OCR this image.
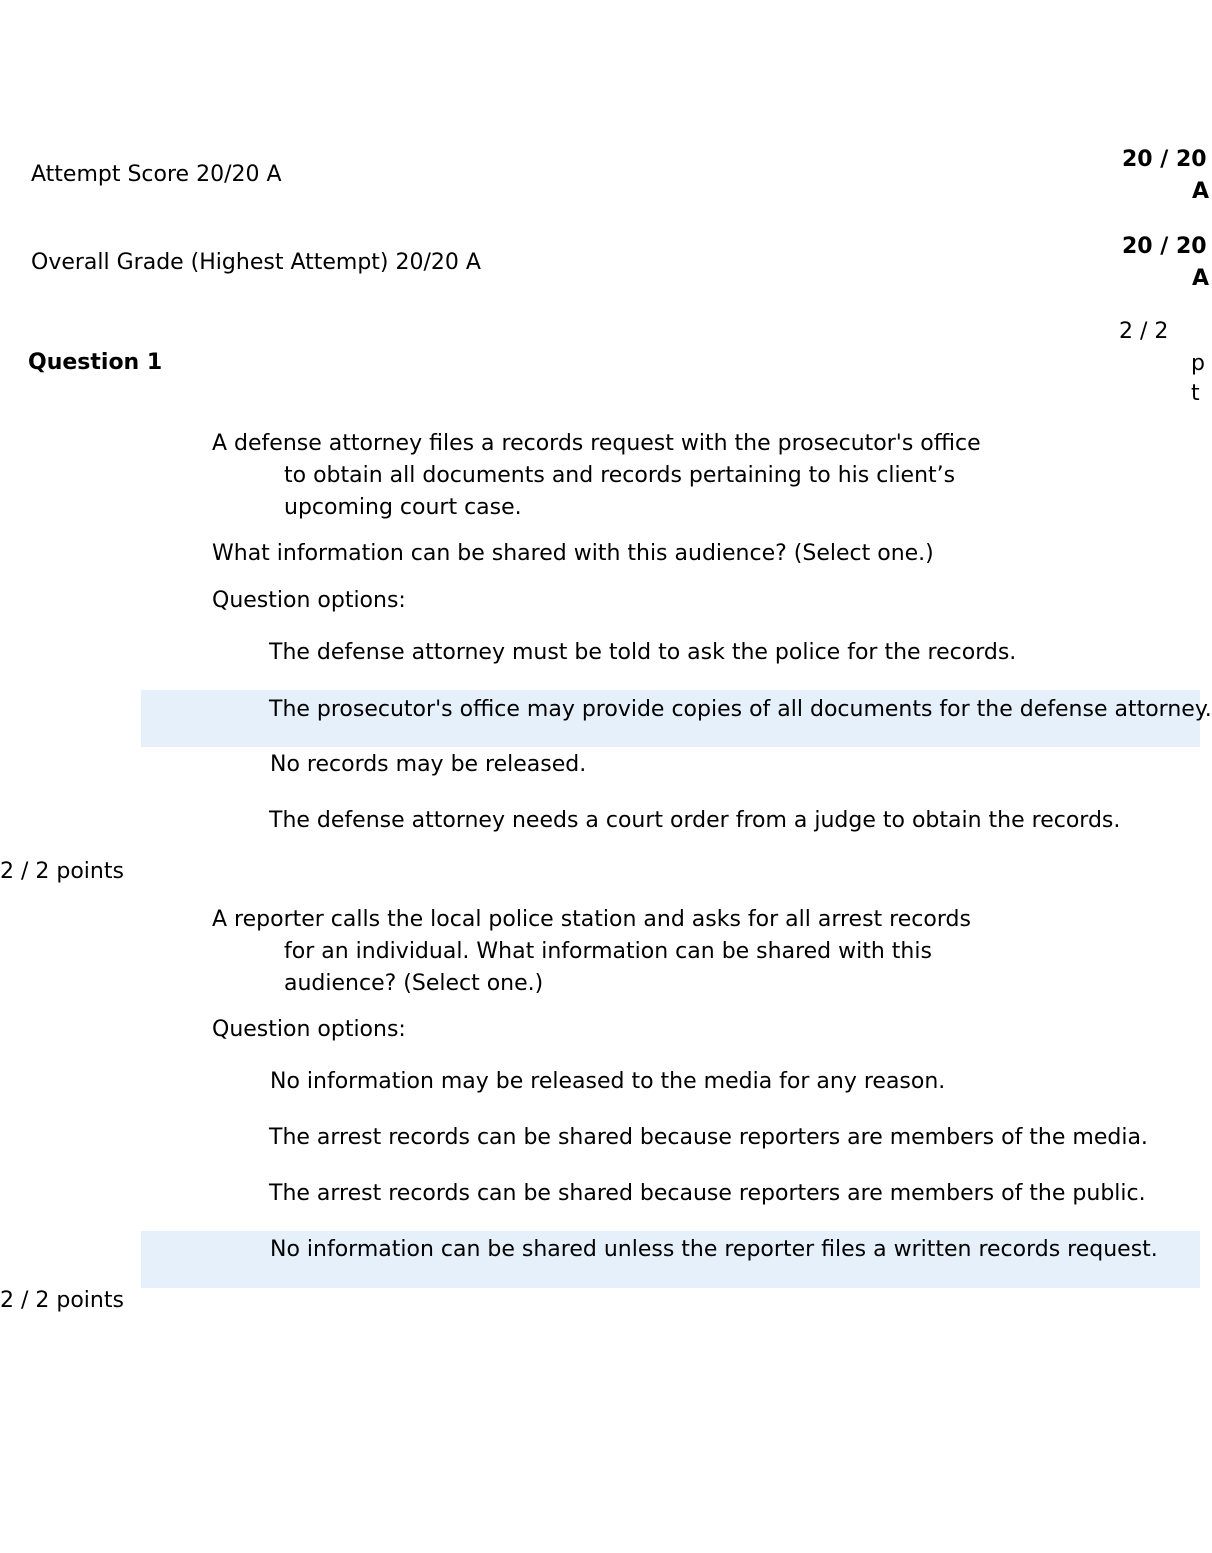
Attempt Score 20/20 A
20 / 20
A
Overall Grade (Highest Attempt) 20/20 A
20 / 20
A
Question 1
2 / 2
p
t
A defense attorney files a records request with the prosecutor's office
to obtain all documents and records pertaining to his client’s
upcoming court case.
What information can be shared with this audience? (Select one.)
Question options:
The defense attorney must be told to ask the police for the records.
The prosecutor's office may provide copies of all documents for the defense attorney.
No records may be released.
The defense attorney needs a court order from a judge to obtain the records.
2 / 2 points
A reporter calls the local police station and asks for all arrest records
for an individual. What information can be shared with this
audience? (Select one.)
Question options:
No information may be released to the media for any reason.
The arrest records can be shared because reporters are members of the media.
The arrest records can be shared because reporters are members of the public.
No information can be shared unless the reporter files a written records request.
2 / 2 points
